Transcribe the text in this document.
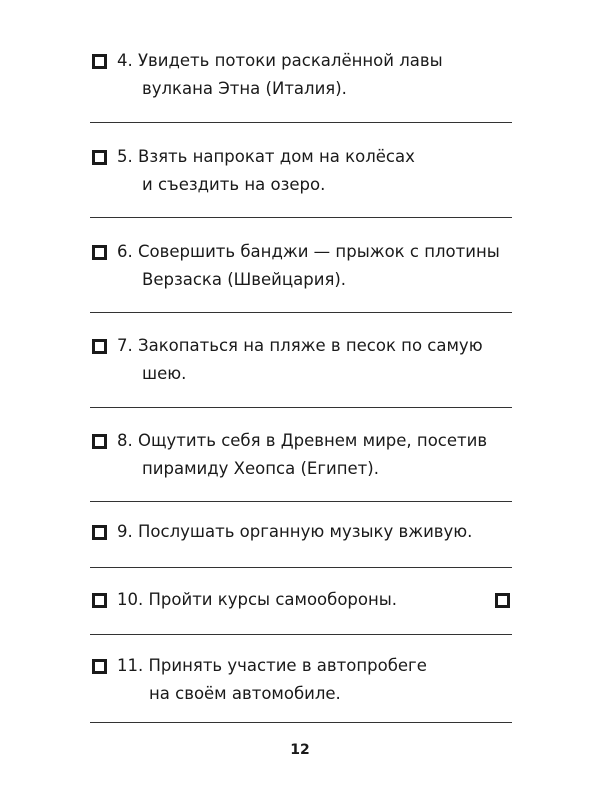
4. Увидеть потоки раскалённой лавы
вулкана Этна (Италия).
5. Взять напрокат дом на колёсах
и съездить на озеро.
6. Совершить банджи — прыжок с плотины
Верзаска (Швейцария).
7. Закопаться на пляже в песок по самую
шею.
8. Ощутить себя в Древнем мире, посетив
пирамиду Хеопса (Египет).
9. Послушать органную музыку вживую.
10. Пройти курсы самообороны.
11. Принять участие в автопробеге
на своём автомобиле.
12
